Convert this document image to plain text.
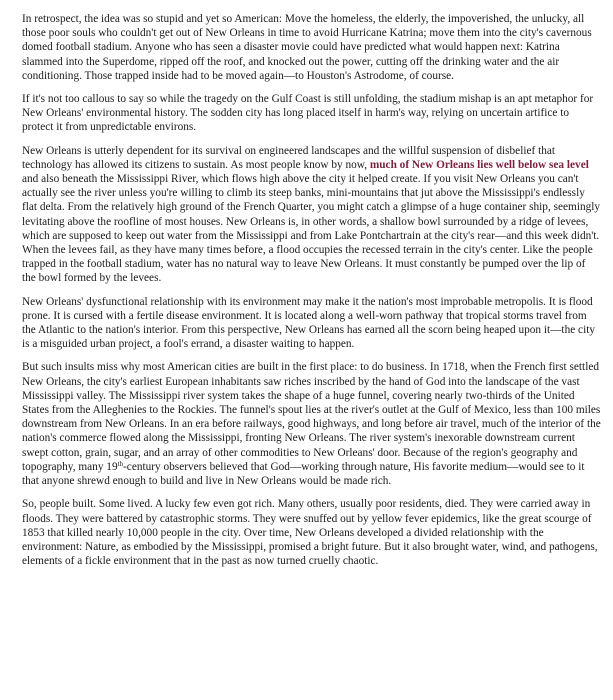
In retrospect, the idea was so stupid and yet so American: Move the homeless, the elderly, the impoverished, the unlucky, all those poor souls who couldn't get out of New Orleans in time to avoid Hurricane Katrina; move them into the city's cavernous domed football stadium. Anyone who has seen a disaster movie could have predicted what would happen next: Katrina slammed into the Superdome, ripped off the roof, and knocked out the power, cutting off the drinking water and the air conditioning. Those trapped inside had to be moved again—to Houston's Astrodome, of course.

If it's not too callous to say so while the tragedy on the Gulf Coast is still unfolding, the stadium mishap is an apt metaphor for New Orleans' environmental history. The sodden city has long placed itself in harm's way, relying on uncertain artifice to protect it from unpredictable environs.

New Orleans is utterly dependent for its survival on engineered landscapes and the willful suspension of disbelief that technology has allowed its citizens to sustain. As most people know by now, much of New Orleans lies well below sea level and also beneath the Mississippi River, which flows high above the city it helped create. If you visit New Orleans you can't actually see the river unless you're willing to climb its steep banks, mini-mountains that jut above the Mississippi's endlessly flat delta. From the relatively high ground of the French Quarter, you might catch a glimpse of a huge container ship, seemingly levitating above the roofline of most houses. New Orleans is, in other words, a shallow bowl surrounded by a ridge of levees, which are supposed to keep out water from the Mississippi and from Lake Pontchartrain at the city's rear—and this week didn't. When the levees fail, as they have many times before, a flood occupies the recessed terrain in the city's center. Like the people trapped in the football stadium, water has no natural way to leave New Orleans. It must constantly be pumped over the lip of the bowl formed by the levees.

New Orleans' dysfunctional relationship with its environment may make it the nation's most improbable metropolis. It is flood prone. It is cursed with a fertile disease environment. It is located along a well-worn pathway that tropical storms travel from the Atlantic to the nation's interior. From this perspective, New Orleans has earned all the scorn being heaped upon it—the city is a misguided urban project, a fool's errand, a disaster waiting to happen.

But such insults miss why most American cities are built in the first place: to do business. In 1718, when the French first settled New Orleans, the city's earliest European inhabitants saw riches inscribed by the hand of God into the landscape of the vast Mississippi valley. The Mississippi river system takes the shape of a huge funnel, covering nearly two-thirds of the United States from the Alleghenies to the Rockies. The funnel's spout lies at the river's outlet at the Gulf of Mexico, less than 100 miles downstream from New Orleans. In an era before railways, good highways, and long before air travel, much of the interior of the nation's commerce flowed along the Mississippi, fronting New Orleans. The river system's inexorable downstream current swept cotton, grain, sugar, and an array of other commodities to New Orleans' door. Because of the region's geography and topography, many 19th-century observers believed that God—working through nature, His favorite medium—would see to it that anyone shrewd enough to build and live in New Orleans would be made rich.

So, people built. Some lived. A lucky few even got rich. Many others, usually poor residents, died. They were carried away in floods. They were battered by catastrophic storms. They were snuffed out by yellow fever epidemics, like the great scourge of 1853 that killed nearly 10,000 people in the city. Over time, New Orleans developed a divided relationship with the environment: Nature, as embodied by the Mississippi, promised a bright future. But it also brought water, wind, and pathogens, elements of a fickle environment that in the past as now turned cruelly chaotic.
